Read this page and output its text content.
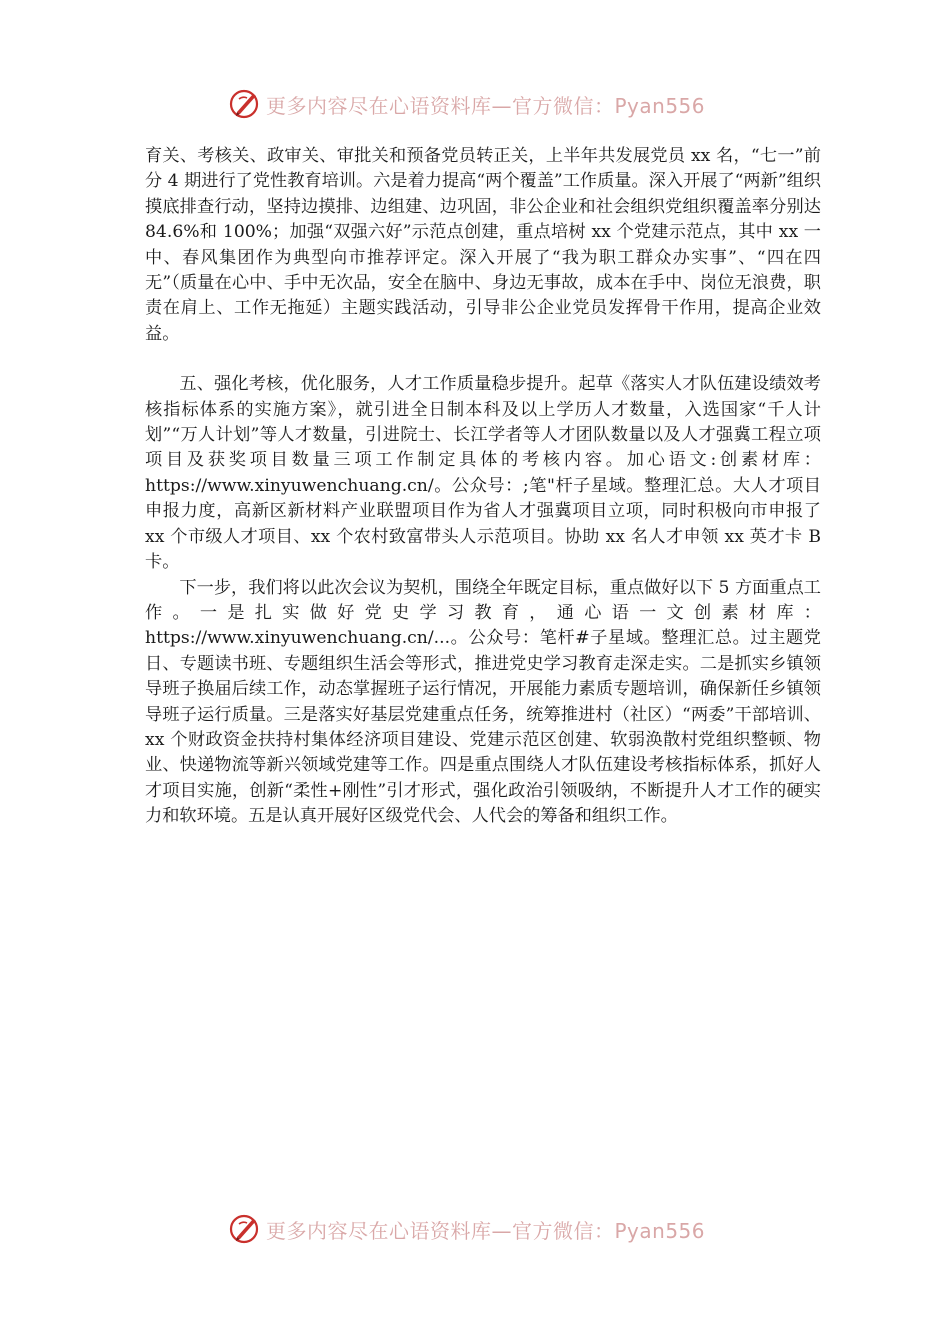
更多内容尽在心语资料库—官方微信：Pyan556

育关、考核关、政审关、审批关和预备党员转正关，上半年共发展党员 xx 名，“七一”前分 4 期进行了党性教育培训。六是着力提高“两个覆盖”工作质量。深入开展了“两新”组织摸底排查行动，坚持边摸排、边组建、边巩固，非公企业和社会组织党组织覆盖率分别达 84.6%和 100%；加强“双强六好”示范点创建，重点培树 xx 个党建示范点，其中 xx 一中、春风集团作为典型向市推荐评定。深入开展了“我为职工群众办实事”、“四在四无”（质量在心中、手中无次品，安全在脑中、身边无事故，成本在手中、岗位无浪费，职责在肩上、工作无拖延）主题实践活动，引导非公企业党员发挥骨干作用，提高企业效益。

五、强化考核，优化服务，人才工作质量稳步提升。起草《落实人才队伍建设绩效考核指标体系的实施方案》，就引进全日制本科及以上学历人才数量，入选国家“千人计划”“万人计划”等人才数量，引进院士、长江学者等人才团队数量以及人才强冀工程立项项目及获奖项目数量三项工作制定具体的考核内容。加心语文:创素材库：https://www.xinyuwenchuang.cn/。公众号：;笔"杆子星域。整理汇总。大人才项目申报力度，高新区新材料产业联盟项目作为省人才强冀项目立项，同时积极向市申报了 xx 个市级人才项目、xx 个农村致富带头人示范项目。协助 xx 名人才申领 xx 英才卡 B 卡。

下一步，我们将以此次会议为契机，围绕全年既定目标，重点做好以下 5 方面重点工作。一是扎实做好党史学习教育，通心语一文创素材库：https://www.xinyuwenchuang.cn/...。公众号：笔杆#子星域。整理汇总。过主题党日、专题读书班、专题组织生活会等形式，推进党史学习教育走深走实。二是抓实乡镇领导班子换届后续工作，动态掌握班子运行情况，开展能力素质专题培训，确保新任乡镇领导班子运行质量。三是落实好基层党建重点任务，统筹推进村（社区）“两委”干部培训、xx 个财政资金扶持村集体经济项目建设、党建示范区创建、软弱涣散村党组织整顿、物业、快递物流等新兴领域党建等工作。四是重点围绕人才队伍建设考核指标体系，抓好人才项目实施，创新“柔性+刚性”引才形式，强化政治引领吸纳，不断提升人才工作的硬实力和软环境。五是认真开展好区级党代会、人代会的筹备和组织工作。

更多内容尽在心语资料库—官方微信：Pyan556
